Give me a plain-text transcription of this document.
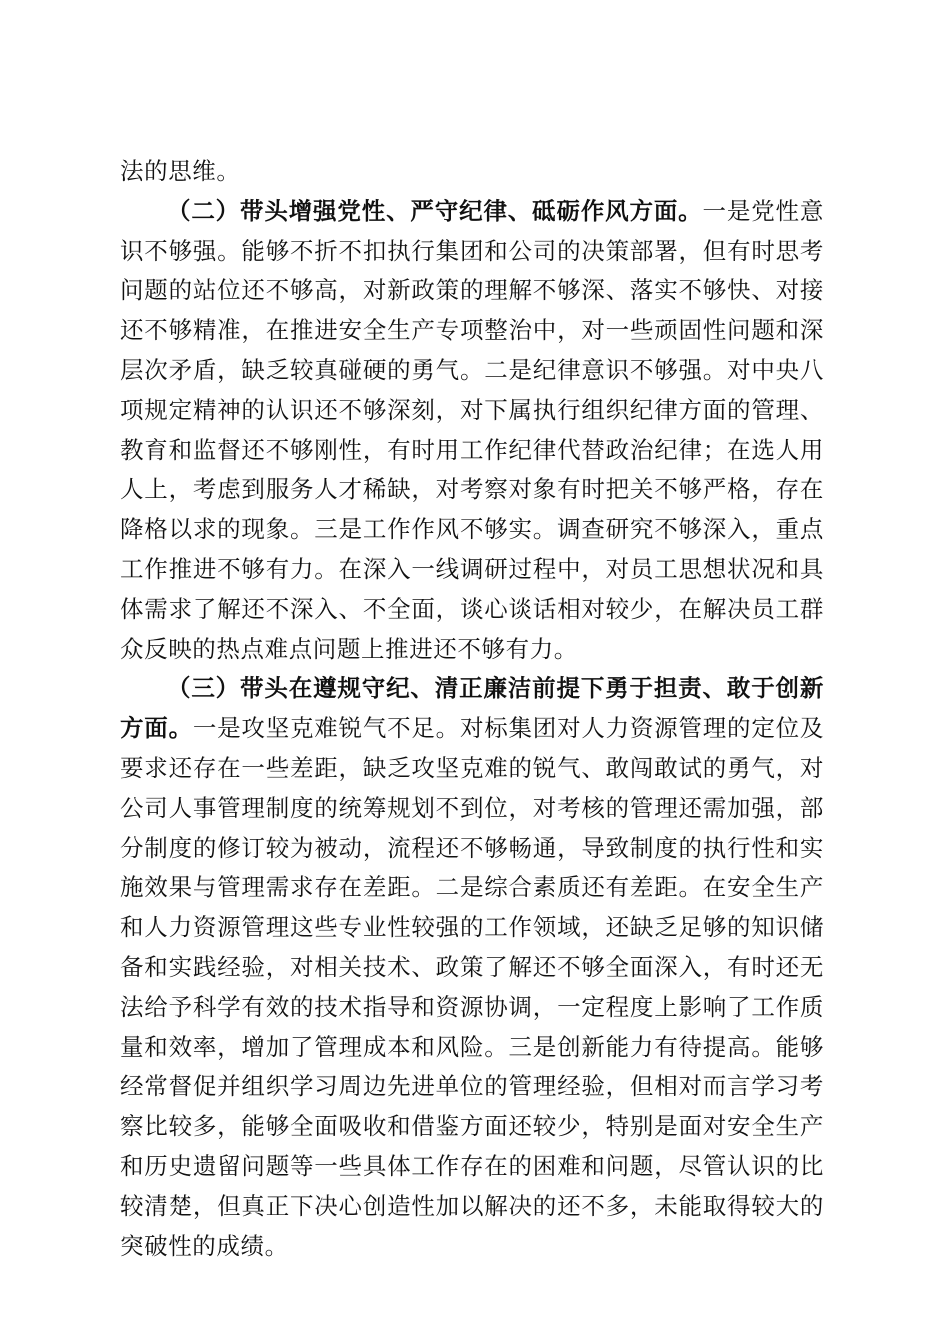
法的思维。

（二）带头增强党性、严守纪律、砥砺作风方面。一是党性意识不够强。能够不折不扣执行集团和公司的决策部署，但有时思考问题的站位还不够高，对新政策的理解不够深、落实不够快、对接还不够精准，在推进安全生产专项整治中，对一些顽固性问题和深层次矛盾，缺乏较真碰硬的勇气。二是纪律意识不够强。对中央八项规定精神的认识还不够深刻，对下属执行组织纪律方面的管理、教育和监督还不够刚性，有时用工作纪律代替政治纪律；在选人用人上，考虑到服务人才稀缺，对考察对象有时把关不够严格，存在降格以求的现象。三是工作作风不够实。调查研究不够深入，重点工作推进不够有力。在深入一线调研过程中，对员工思想状况和具体需求了解还不深入、不全面，谈心谈话相对较少，在解决员工群众反映的热点难点问题上推进还不够有力。

（三）带头在遵规守纪、清正廉洁前提下勇于担责、敢于创新方面。一是攻坚克难锐气不足。对标集团对人力资源管理的定位及要求还存在一些差距，缺乏攻坚克难的锐气、敢闯敢试的勇气，对公司人事管理制度的统筹规划不到位，对考核的管理还需加强，部分制度的修订较为被动，流程还不够畅通，导致制度的执行性和实施效果与管理需求存在差距。二是综合素质还有差距。在安全生产和人力资源管理这些专业性较强的工作领域，还缺乏足够的知识储备和实践经验，对相关技术、政策了解还不够全面深入，有时还无法给予科学有效的技术指导和资源协调，一定程度上影响了工作质量和效率，增加了管理成本和风险。三是创新能力有待提高。能够经常督促并组织学习周边先进单位的管理经验，但相对而言学习考察比较多，能够全面吸收和借鉴方面还较少，特别是面对安全生产和历史遗留问题等一些具体工作存在的困难和问题，尽管认识的比较清楚，但真正下决心创造性加以解决的还不多，未能取得较大的突破性的成绩。
